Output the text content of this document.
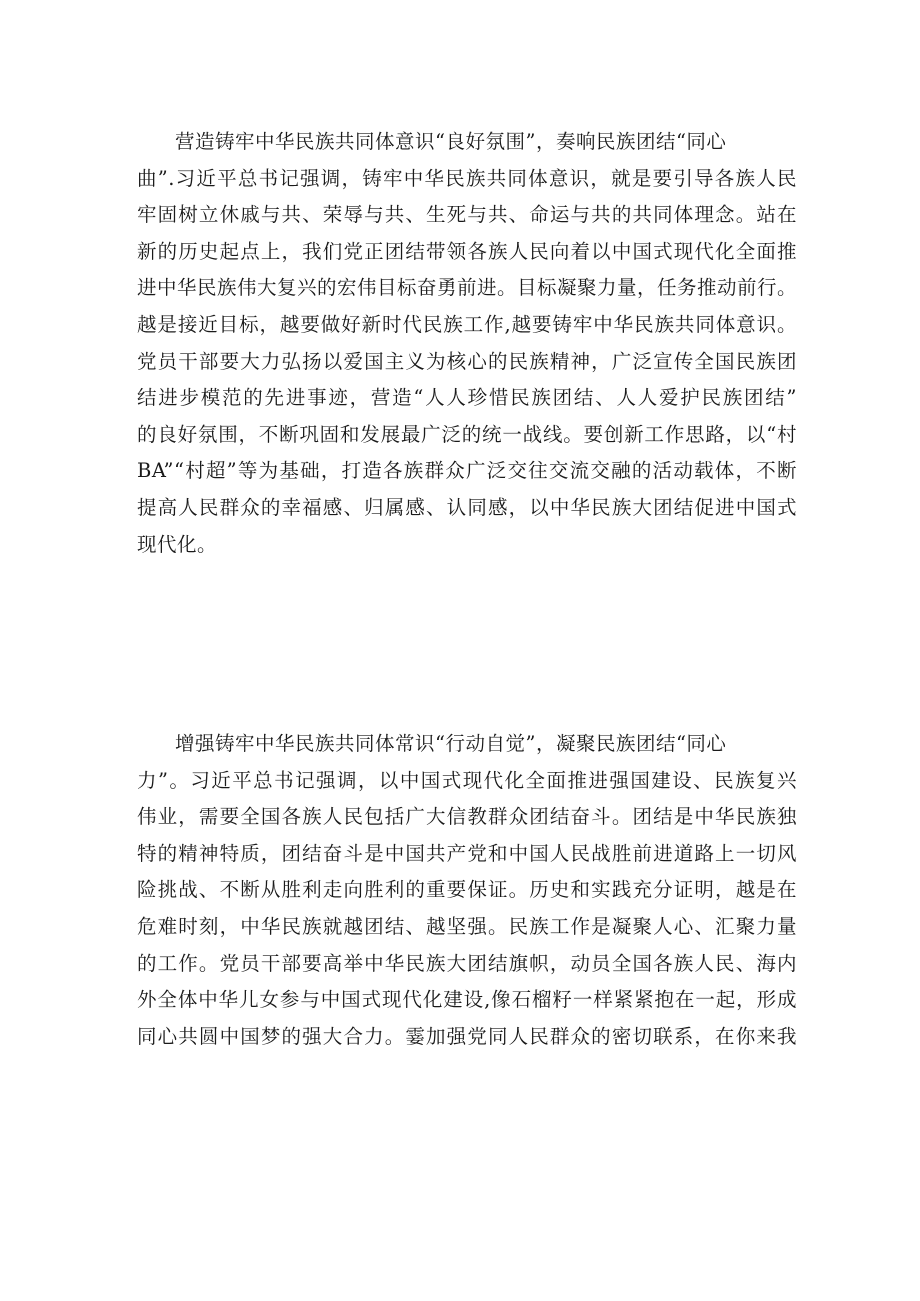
营造铸牢中华民族共同体意识“良好氛围”，奏响民族团结“同心
曲”.习近平总书记强调，铸牢中华民族共同体意识，就是要引导各族人民
牢固树立休戚与共、荣辱与共、生死与共、命运与共的共同体理念。站在
新的历史起点上，我们党正团结带领各族人民向着以中国式现代化全面推
进中华民族伟大复兴的宏伟目标奋勇前进。目标凝聚力量，任务推动前行。
越是接近目标，越要做好新时代民族工作,越要铸牢中华民族共同体意识。
党员干部要大力弘扬以爱国主义为核心的民族精神，广泛宣传全国民族团
结进步模范的先进事迹，营造“人人珍惜民族团结、人人爱护民族团结”
的良好氛围，不断巩固和发展最广泛的统一战线。要创新工作思路，以“村
BA”“村超”等为基础，打造各族群众广泛交往交流交融的活动载体，不断
提高人民群众的幸福感、归属感、认同感，以中华民族大团结促进中国式
现代化。
增强铸牢中华民族共同体常识“行动自觉”，凝聚民族团结“同心
力”。习近平总书记强调，以中国式现代化全面推进强国建设、民族复兴
伟业，需要全国各族人民包括广大信教群众团结奋斗。团结是中华民族独
特的精神特质，团结奋斗是中国共产党和中国人民战胜前进道路上一切风
险挑战、不断从胜利走向胜利的重要保证。历史和实践充分证明，越是在
危难时刻，中华民族就越团结、越坚强。民族工作是凝聚人心、汇聚力量
的工作。党员干部要高举中华民族大团结旗帜，动员全国各族人民、海内
外全体中华儿女参与中国式现代化建设,像石榴籽一样紧紧抱在一起，形成
同心共圆中国梦的强大合力。霎加强党同人民群众的密切联系，在你来我
